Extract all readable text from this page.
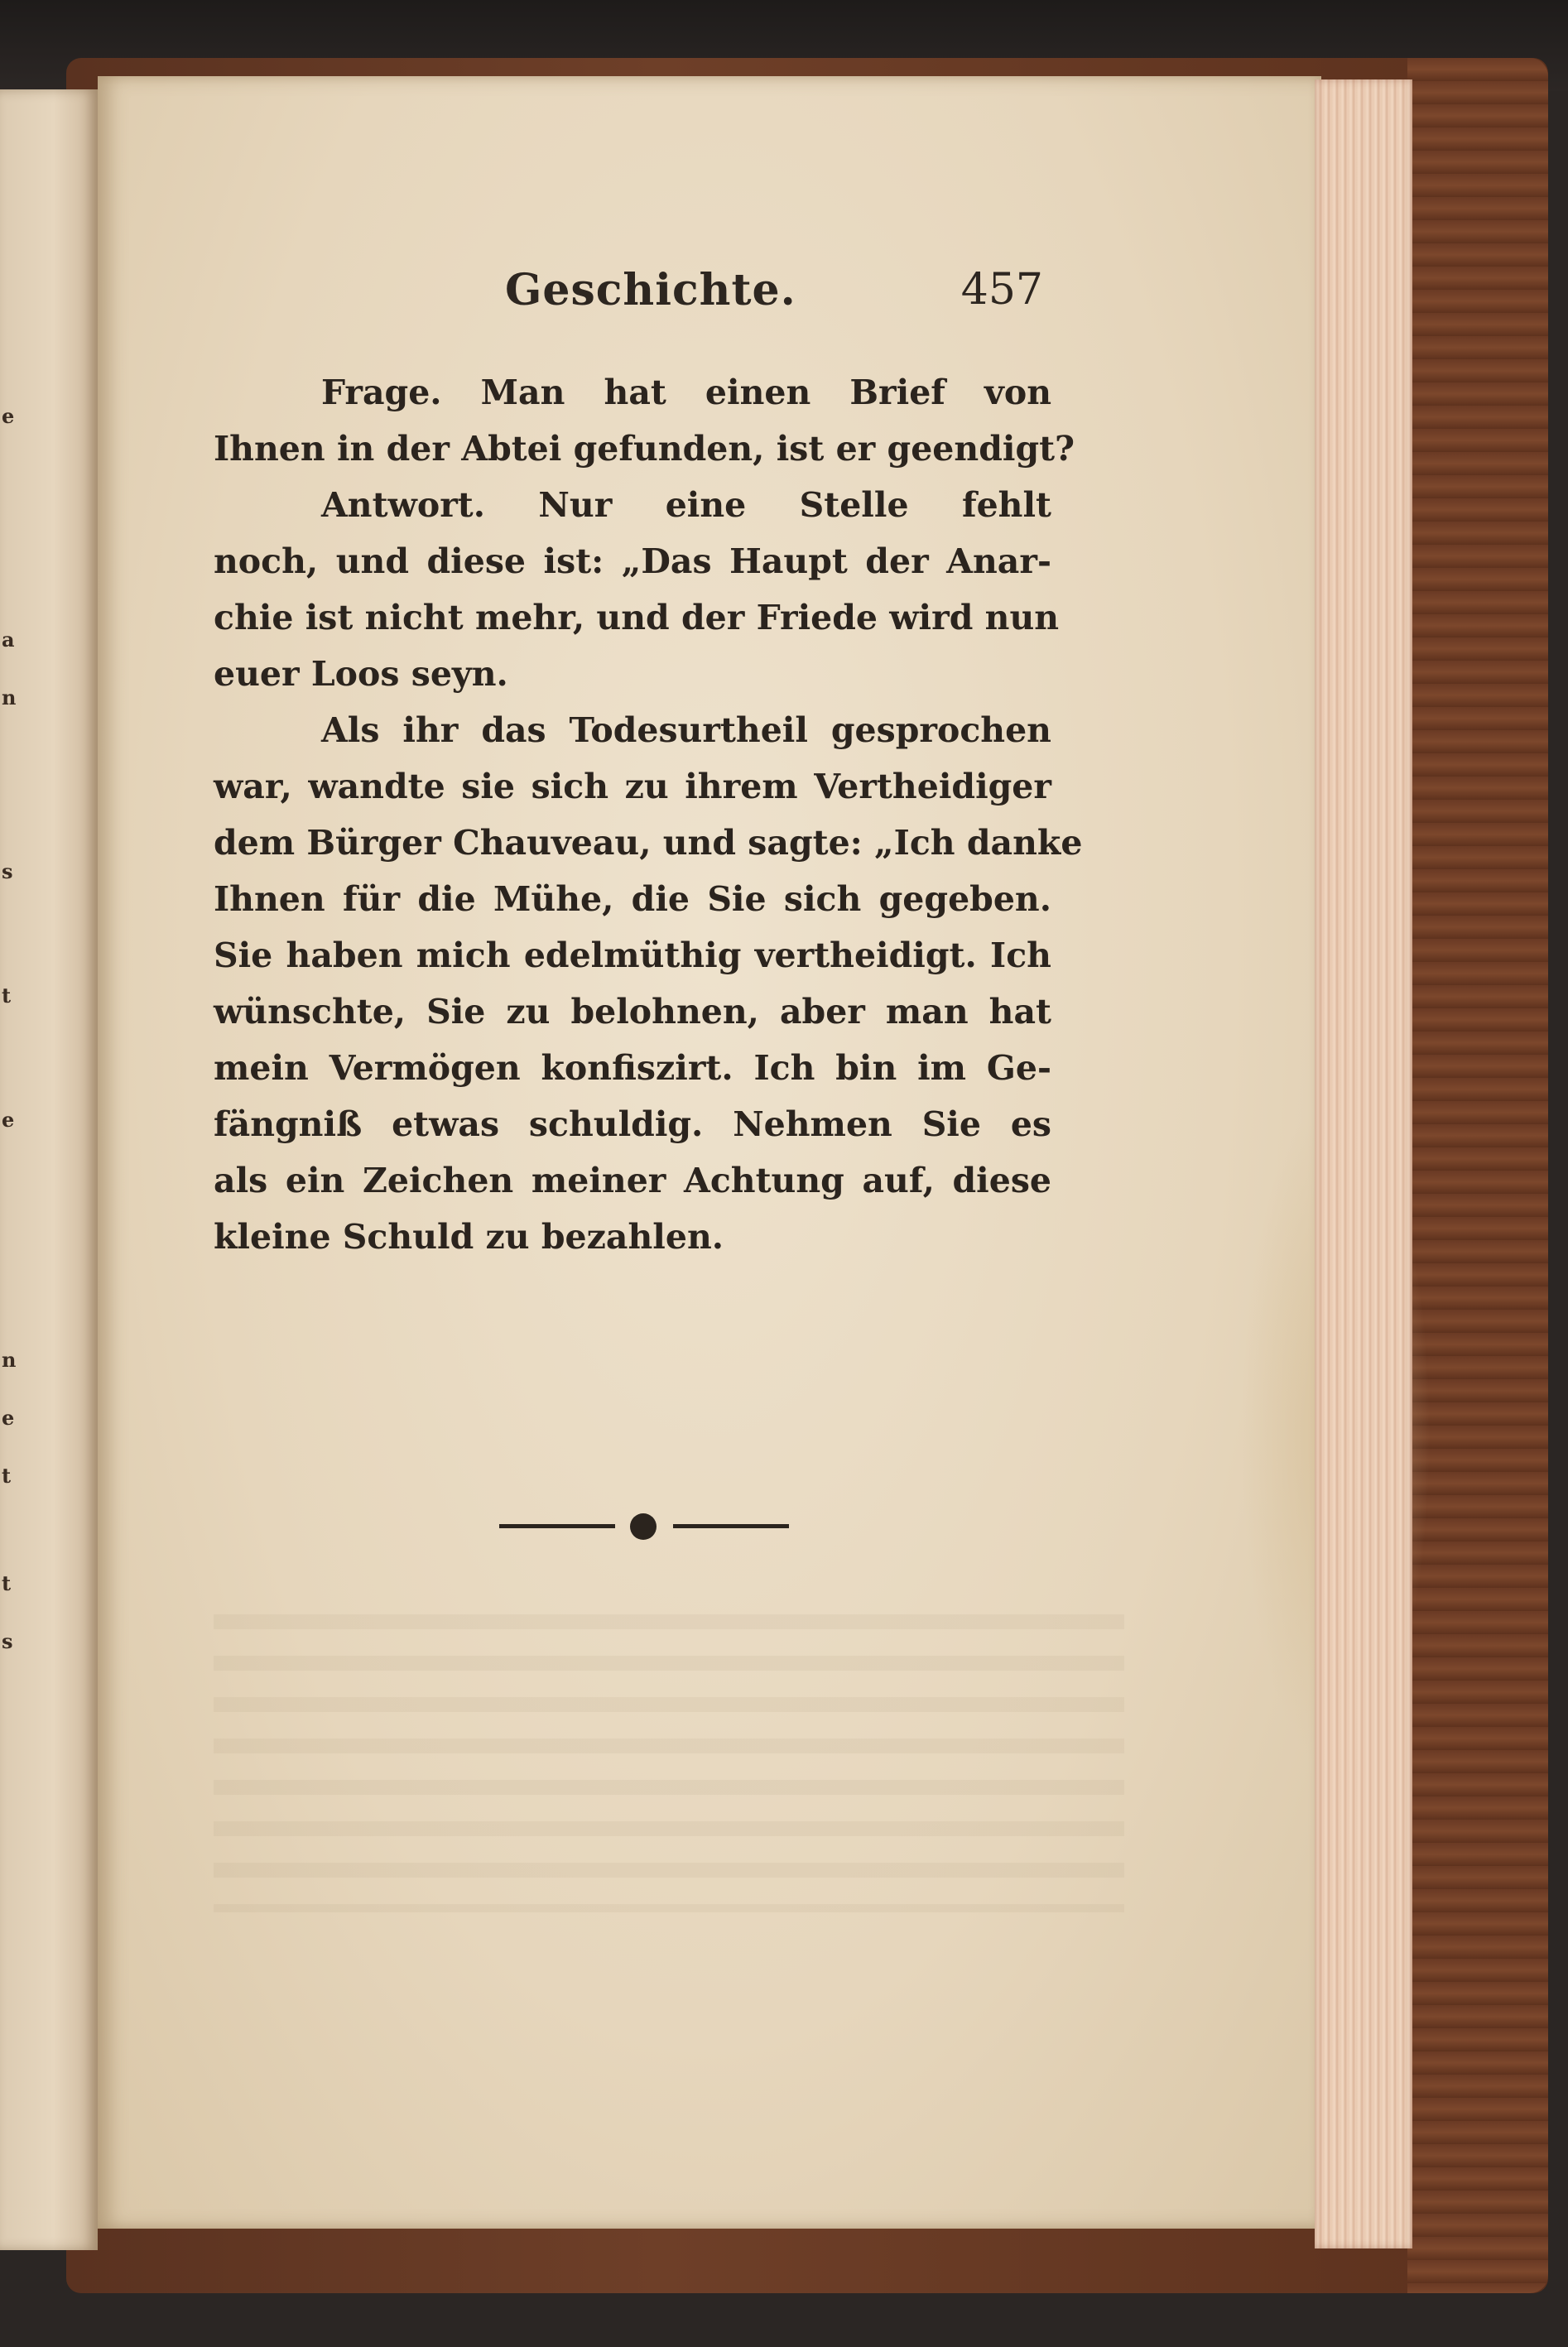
e
a
n
s
t
e
n
e
t
t
s
Geschichte.	457
Frage. Man hat einen Brief von
Ihnen in der Abtei gefunden, ist er geendigt?
Antwort. Nur eine Stelle fehlt
noch, und diese ist: „Das Haupt der Anar-
chie ist nicht mehr, und der Friede wird nun
euer Loos seyn.
Als ihr das Todesurtheil gesprochen
war, wandte sie sich zu ihrem Vertheidiger
dem Bürger Chauveau, und sagte: „Ich danke
Ihnen für die Mühe, die Sie sich gegeben.
Sie haben mich edelmüthig vertheidigt. Ich
wünschte, Sie zu belohnen, aber man hat
mein Vermögen konfiszirt. Ich bin im Ge-
fängniß etwas schuldig. Nehmen Sie es
als ein Zeichen meiner Achtung auf, diese
kleine Schuld zu bezahlen.
